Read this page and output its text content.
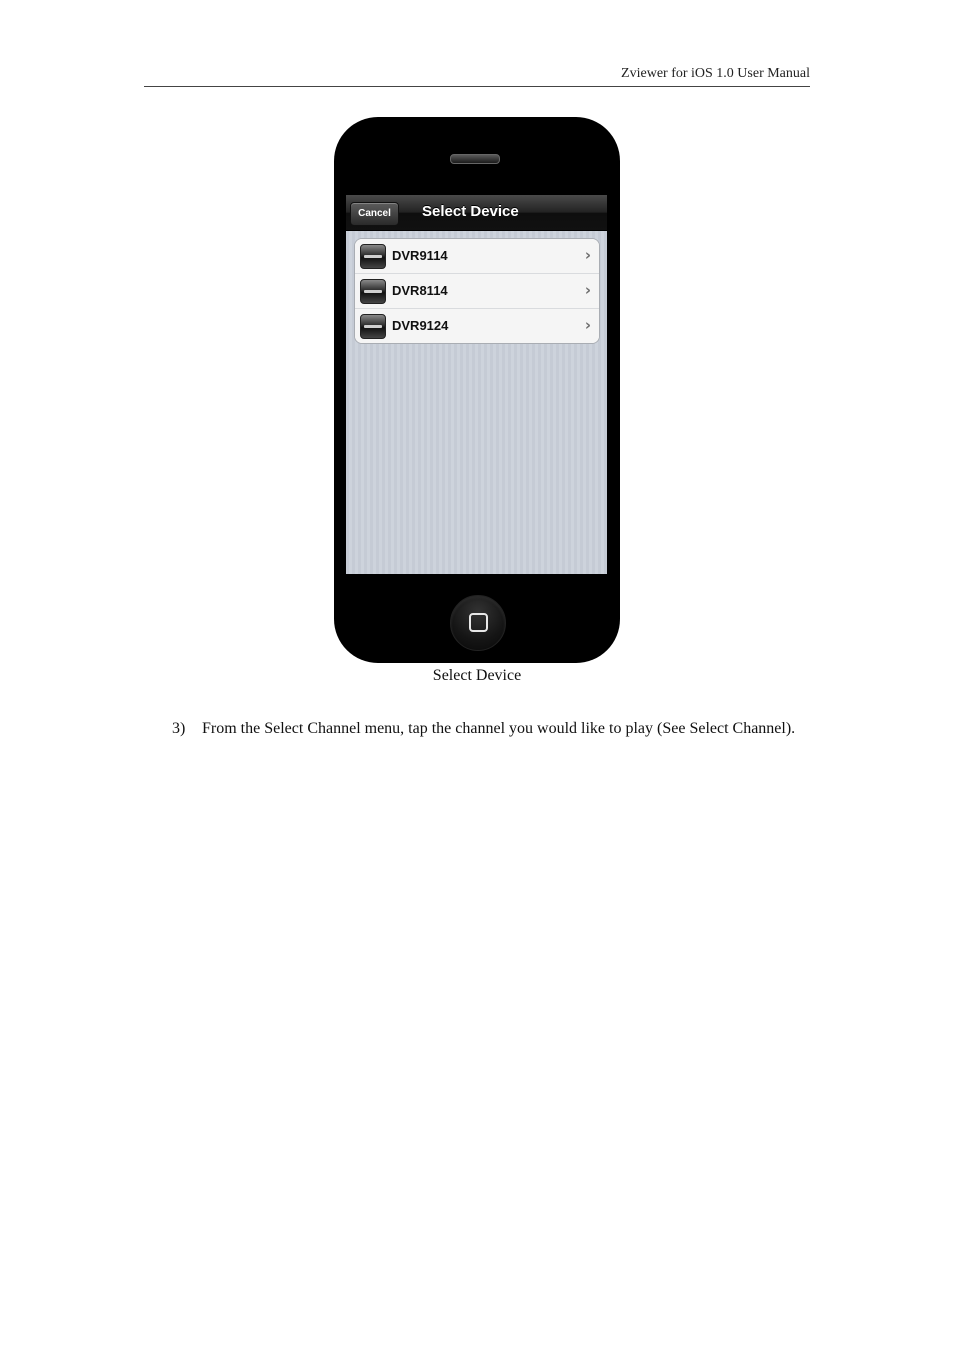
Zviewer for iOS 1.0 User Manual
Cancel	Select Device
DVR9114	›
DVR8114	›
DVR9124	›
Select Device
3) From the Select Channel menu, tap the channel you would like to play (See Select Channel).
